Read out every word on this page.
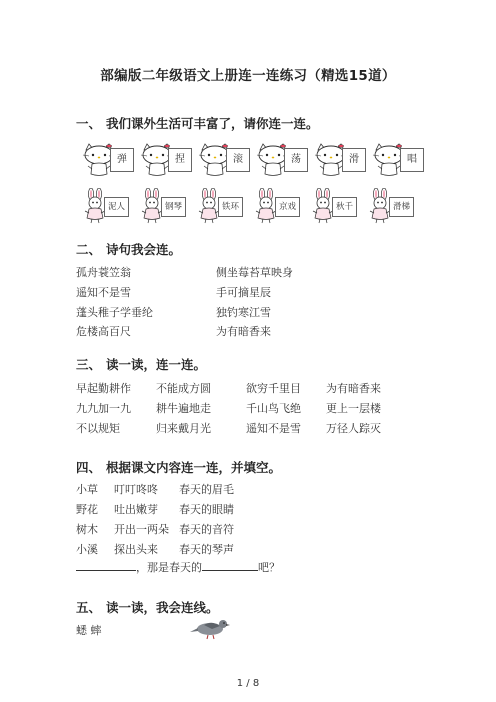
部编版二年级语文上册连一连练习（精选15道）
一、 我们课外生活可丰富了，请你连一连。
弹	捏	滚	荡	滑	唱
泥人	钢琴	铁环	京戏	秋千	滑梯
二、 诗句我会连。
孤舟蓑笠翁	侧坐莓苔草映身
遥知不是雪	手可摘星辰
蓬头稚子学垂纶	独钓寒江雪
危楼高百尺	为有暗香来
三、 读一读，连一连。
早起勤耕作 不能成方圆	欲穷千里目 为有暗香来
九九加一九 耕牛遍地走	千山鸟飞绝 更上一层楼
不以规矩	归来戴月光	遥知不是雪 万径人踪灭
四、 根据课文内容连一连，并填空。
小草 叮叮咚咚 春天的眉毛
野花 吐出嫩芽 春天的眼睛
树木 开出一两朵 春天的音符
小溪 探出头来 春天的琴声
，那是春天的	吧？
五、 读一读，我会连线。
蟋 蟀
1 / 8
